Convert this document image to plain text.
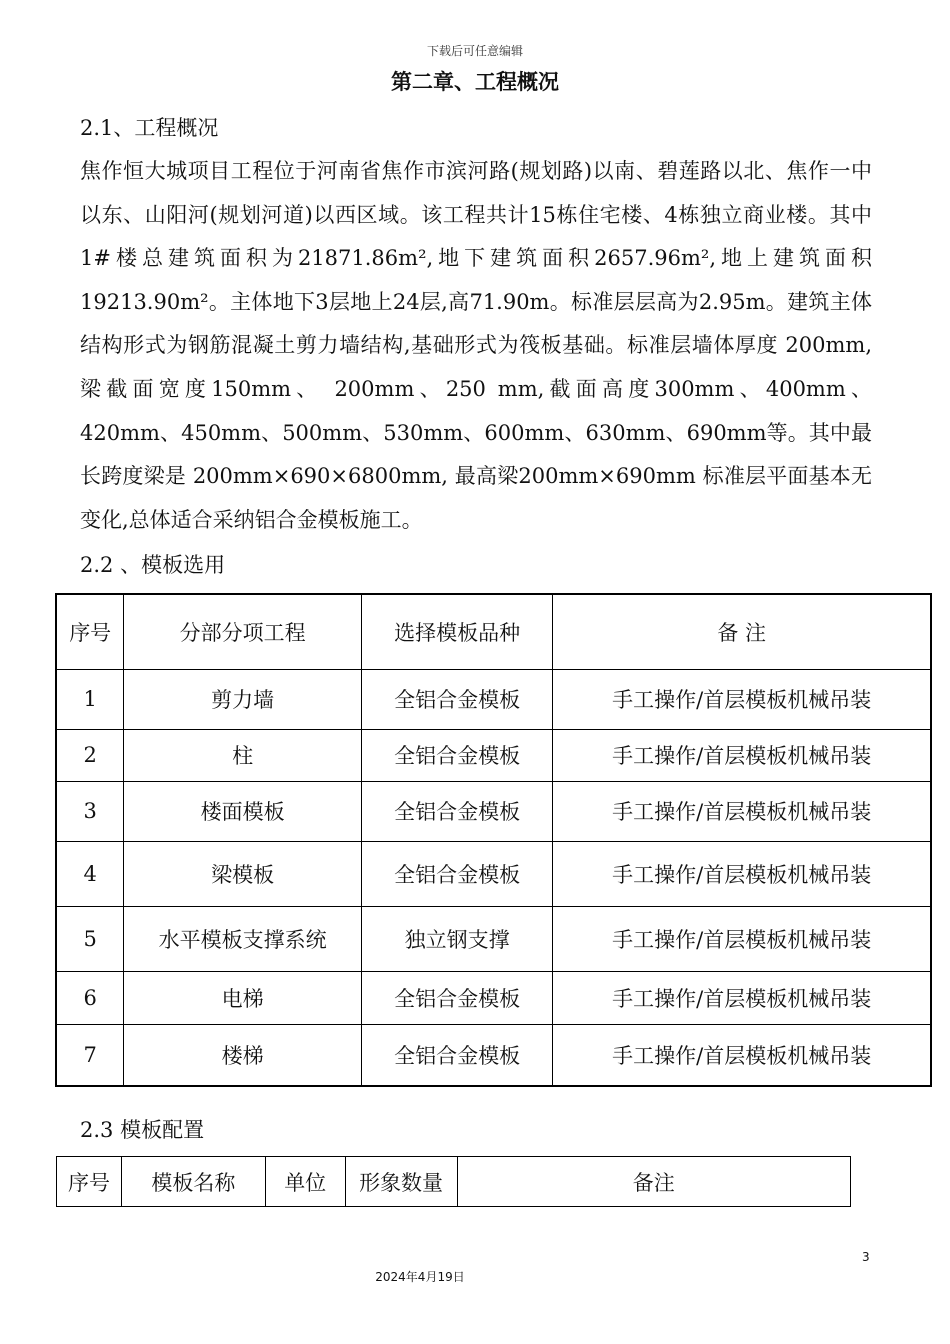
下载后可任意编辑
第二章、工程概况
2.1、工程概况

焦作恒大城项目工程位于河南省焦作市滨河路(规划路)以南、碧莲路以北、焦作一中以东、山阳河(规划河道)以西区域。该工程共计15栋住宅楼、4栋独立商业楼。其中1#楼总建筑面积为21871.86m²,地下建筑面积2657.96m²,地上建筑面积19213.90m²。主体地下3层地上24层,高71.90m。标准层层高为2.95m。建筑主体结构形式为钢筋混凝土剪力墙结构,基础形式为筏板基础。标准层墙体厚度 200mm,梁截面宽度150mm、 200mm、250 mm,截面高度300mm、400mm、420mm、450mm、500mm、530mm、600mm、630mm、690mm等。其中最长跨度梁是 200mm×690×6800mm, 最高梁200mm×690mm 标准层平面基本无变化,总体适合采纳铝合金模板施工。

2.2 、模板选用
序号	分部分项工程	选择模板品种	备 注
1	剪力墙	全铝合金模板	手工操作/首层模板机械吊装
2	柱	全铝合金模板	手工操作/首层模板机械吊装
3	楼面模板	全铝合金模板	手工操作/首层模板机械吊装
4	梁模板	全铝合金模板	手工操作/首层模板机械吊装
5	水平模板支撑系统	独立钢支撑	手工操作/首层模板机械吊装
6	电梯	全铝合金模板	手工操作/首层模板机械吊装
7	楼梯	全铝合金模板	手工操作/首层模板机械吊装
2.3 模板配置
序号	模板名称	单位	形象数量	备注
3
2024年4月19日
